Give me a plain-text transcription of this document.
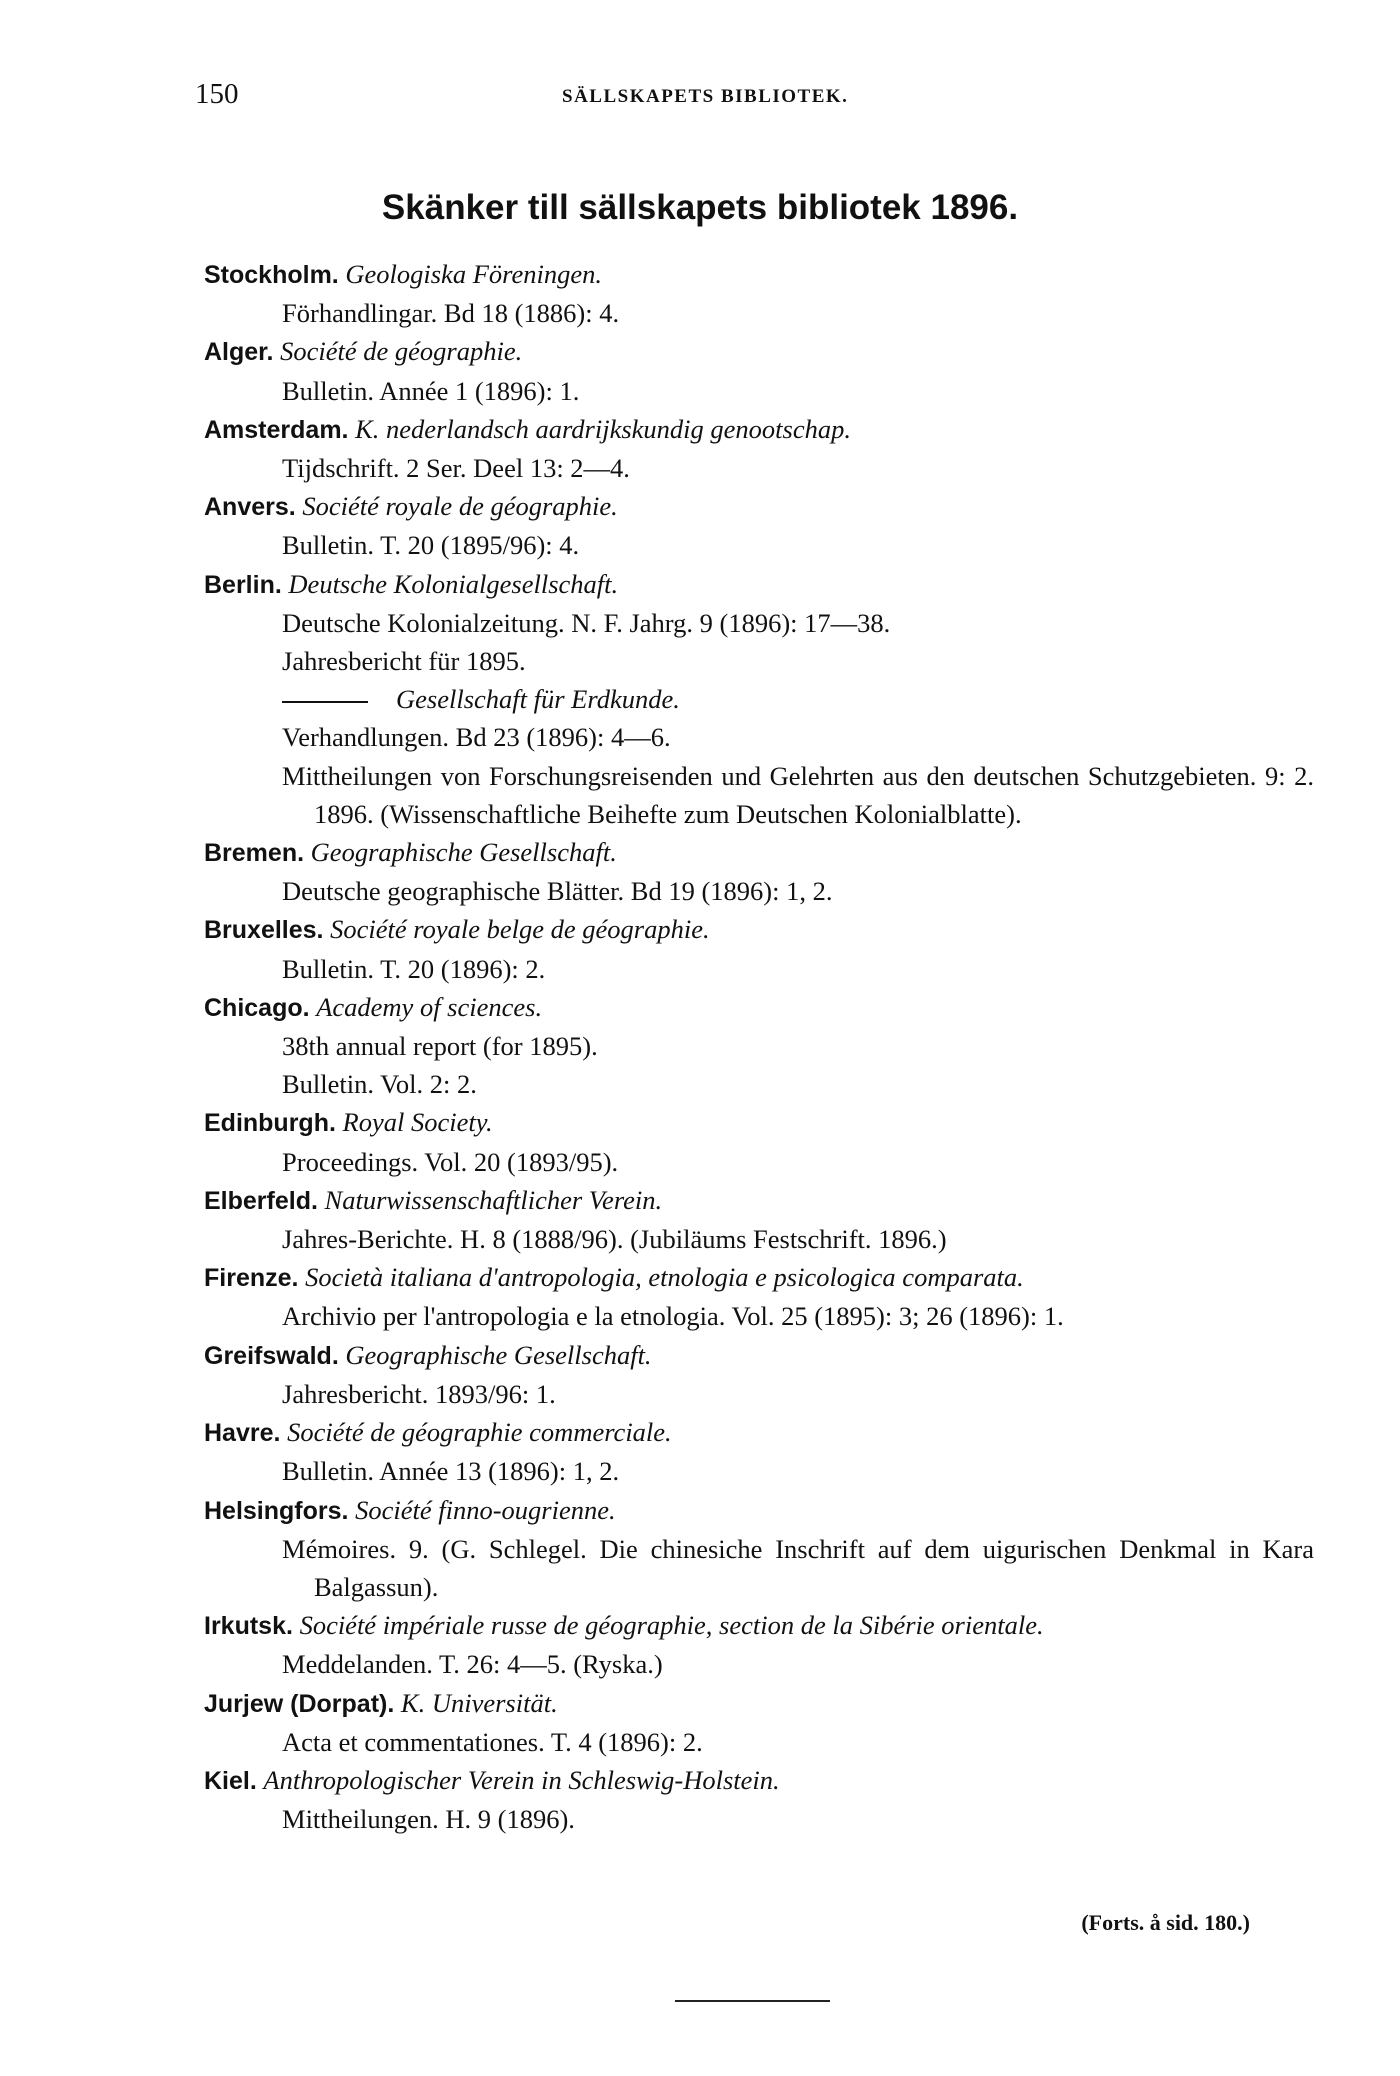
150	SÄLLSKAPETS BIBLIOTEK.
Skänker till sällskapets bibliotek 1896.
Stockholm. Geologiska Föreningen.
Förhandlingar. Bd 18 (1886): 4.
Alger. Société de géographie.
Bulletin. Année 1 (1896): 1.
Amsterdam. K. nederlandsch aardrijkskundig genootschap.
Tijdschrift. 2 Ser. Deel 13: 2—4.
Anvers. Société royale de géographie.
Bulletin. T. 20 (1895/96): 4.
Berlin. Deutsche Kolonialgesellschaft.
Deutsche Kolonialzeitung. N. F. Jahrg. 9 (1896): 17—38.
Jahresbericht für 1895.
Gesellschaft für Erdkunde.
Verhandlungen. Bd 23 (1896): 4—6.
Mittheilungen von Forschungsreisenden und Gelehrten aus den deutschen Schutzgebieten. 9: 2. 1896. (Wissenschaftliche Beihefte zum Deutschen Kolonialblatte).
Bremen. Geographische Gesellschaft.
Deutsche geographische Blätter. Bd 19 (1896): 1, 2.
Bruxelles. Société royale belge de géographie.
Bulletin. T. 20 (1896): 2.
Chicago. Academy of sciences.
38th annual report (for 1895).
Bulletin. Vol. 2: 2.
Edinburgh. Royal Society.
Proceedings. Vol. 20 (1893/95).
Elberfeld. Naturwissenschaftlicher Verein.
Jahres-Berichte. H. 8 (1888/96). (Jubiläums Festschrift. 1896.)
Firenze. Società italiana d'antropologia, etnologia e psicologica comparata.
Archivio per l'antropologia e la etnologia. Vol. 25 (1895): 3; 26 (1896): 1.
Greifswald. Geographische Gesellschaft.
Jahresbericht. 1893/96: 1.
Havre. Société de géographie commerciale.
Bulletin. Année 13 (1896): 1, 2.
Helsingfors. Société finno-ougrienne.
Mémoires. 9. (G. Schlegel. Die chinesiche Inschrift auf dem uigurischen Denkmal in Kara Balgassun).
Irkutsk. Société impériale russe de géographie, section de la Sibérie orientale.
Meddelanden. T. 26: 4—5. (Ryska.)
Jurjew (Dorpat). K. Universität.
Acta et commentationes. T. 4 (1896): 2.
Kiel. Anthropologischer Verein in Schleswig-Holstein.
Mittheilungen. H. 9 (1896).
(Forts. å sid. 180.)
